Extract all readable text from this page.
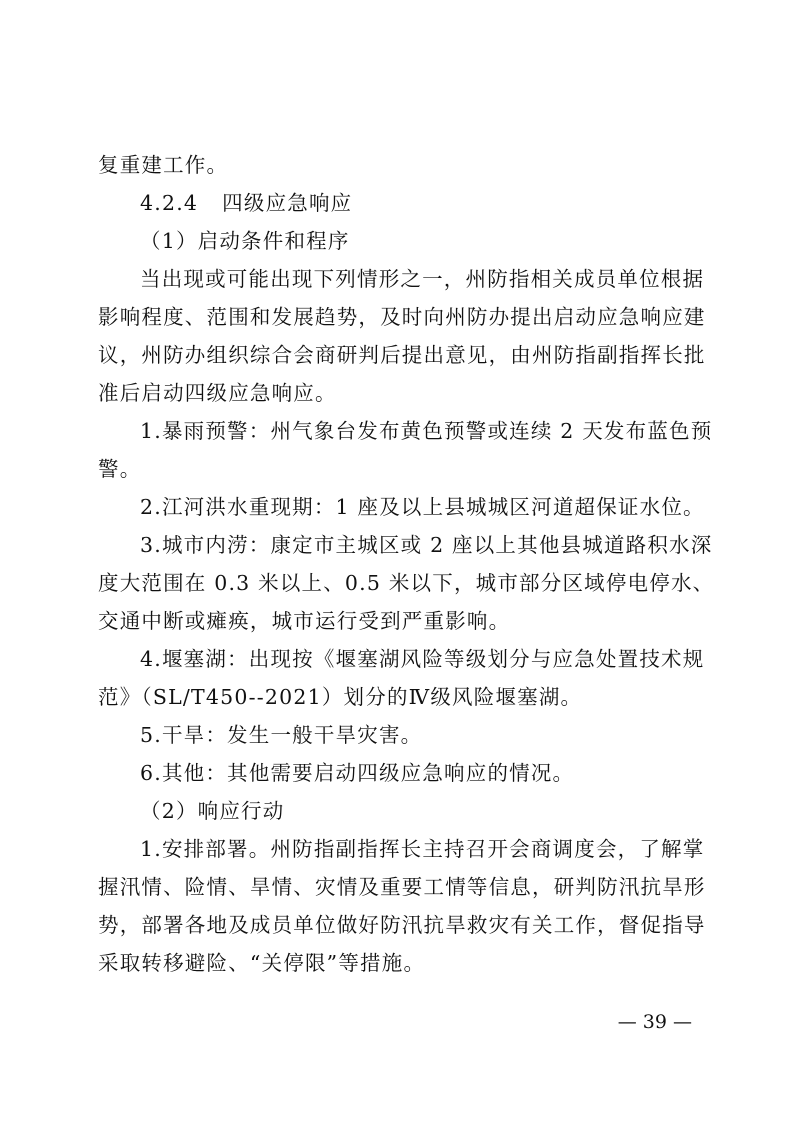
复重建工作。
4.2.4 四级应急响应
（1）启动条件和程序
当出现或可能出现下列情形之一，州防指相关成员单位根据
影响程度、范围和发展趋势，及时向州防办提出启动应急响应建
议，州防办组织综合会商研判后提出意见，由州防指副指挥长批
准后启动四级应急响应。
1.暴雨预警：州气象台发布黄色预警或连续 2 天发布蓝色预
警。
2.江河洪水重现期：1 座及以上县城城区河道超保证水位。
3.城市内涝：康定市主城区或 2 座以上其他县城道路积水深
度大范围在 0.3 米以上、0.5 米以下，城市部分区域停电停水、
交通中断或瘫痪，城市运行受到严重影响。
4.堰塞湖：出现按《堰塞湖风险等级划分与应急处置技术规
范》（SL/T450--2021）划分的Ⅳ级风险堰塞湖。
5.干旱：发生一般干旱灾害。
6.其他：其他需要启动四级应急响应的情况。
（2）响应行动
1.安排部署。州防指副指挥长主持召开会商调度会，了解掌
握汛情、险情、旱情、灾情及重要工情等信息，研判防汛抗旱形
势，部署各地及成员单位做好防汛抗旱救灾有关工作，督促指导
采取转移避险、“关停限”等措施。
— 39 —
